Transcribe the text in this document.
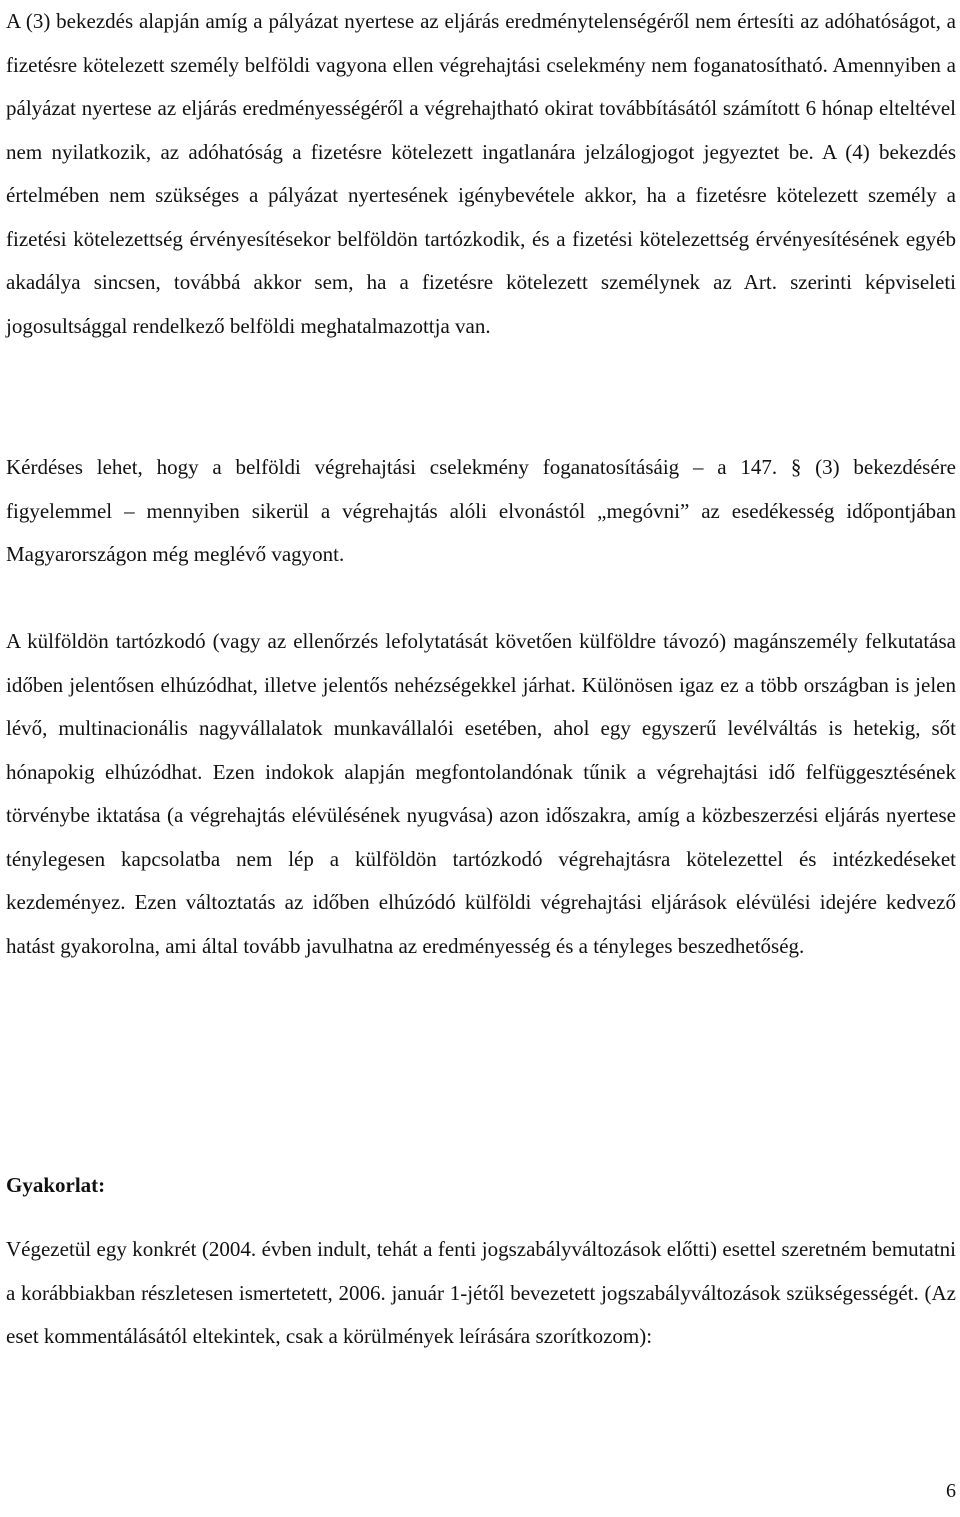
A (3) bekezdés alapján amíg a pályázat nyertese az eljárás eredménytelenségéről nem értesíti az adóhatóságot, a fizetésre kötelezett személy belföldi vagyona ellen végrehajtási cselekmény nem foganatosítható. Amennyiben a pályázat nyertese az eljárás eredményességéről a végrehajtható okirat továbbításától számított 6 hónap elteltével nem nyilatkozik, az adóhatóság a fizetésre kötelezett ingatlanára jelzálogjogot jegyeztet be. A (4) bekezdés értelmében nem szükséges a pályázat nyertesének igénybevétele akkor, ha a fizetésre kötelezett személy a fizetési kötelezettség érvényesítésekor belföldön tartózkodik, és a fizetési kötelezettség érvényesítésének egyéb akadálya sincsen, továbbá akkor sem, ha a fizetésre kötelezett személynek az Art. szerinti képviseleti jogosultsággal rendelkező belföldi meghatalmazottja van.

Kérdéses lehet, hogy a belföldi végrehajtási cselekmény foganatosításáig – a 147. § (3) bekezdésére figyelemmel – mennyiben sikerül a végrehajtás alóli elvonástól „megóvni” az esedékesség időpontjában Magyarországon még meglévő vagyont.

A külföldön tartózkodó (vagy az ellenőrzés lefolytatását követően külföldre távozó) magánszemély felkutatása időben jelentősen elhúzódhat, illetve jelentős nehézségekkel járhat. Különösen igaz ez a több országban is jelen lévő, multinacionális nagyvállalatok munkavállalói esetében, ahol egy egyszerű levélváltás is hetekig, sőt hónapokig elhúzódhat. Ezen indokok alapján megfontolandónak tűnik a végrehajtási idő felfüggesztésének törvénybe iktatása (a végrehajtás elévülésének nyugvása) azon időszakra, amíg a közbeszerzési eljárás nyertese ténylegesen kapcsolatba nem lép a külföldön tartózkodó végrehajtásra kötelezettel és intézkedéseket kezdeményez. Ezen változtatás az időben elhúzódó külföldi végrehajtási eljárások elévülési idejére kedvező hatást gyakorolna, ami által tovább javulhatna az eredményesség és a tényleges beszedhetőség.

Gyakorlat:

Végezetül egy konkrét (2004. évben indult, tehát a fenti jogszabályváltozások előtti) esettel szeretném bemutatni a korábbiakban részletesen ismertetett, 2006. január 1-jétől bevezetett jogszabályváltozások szükségességét. (Az eset kommentálásától eltekintek, csak a körülmények leírására szorítkozom):

6
